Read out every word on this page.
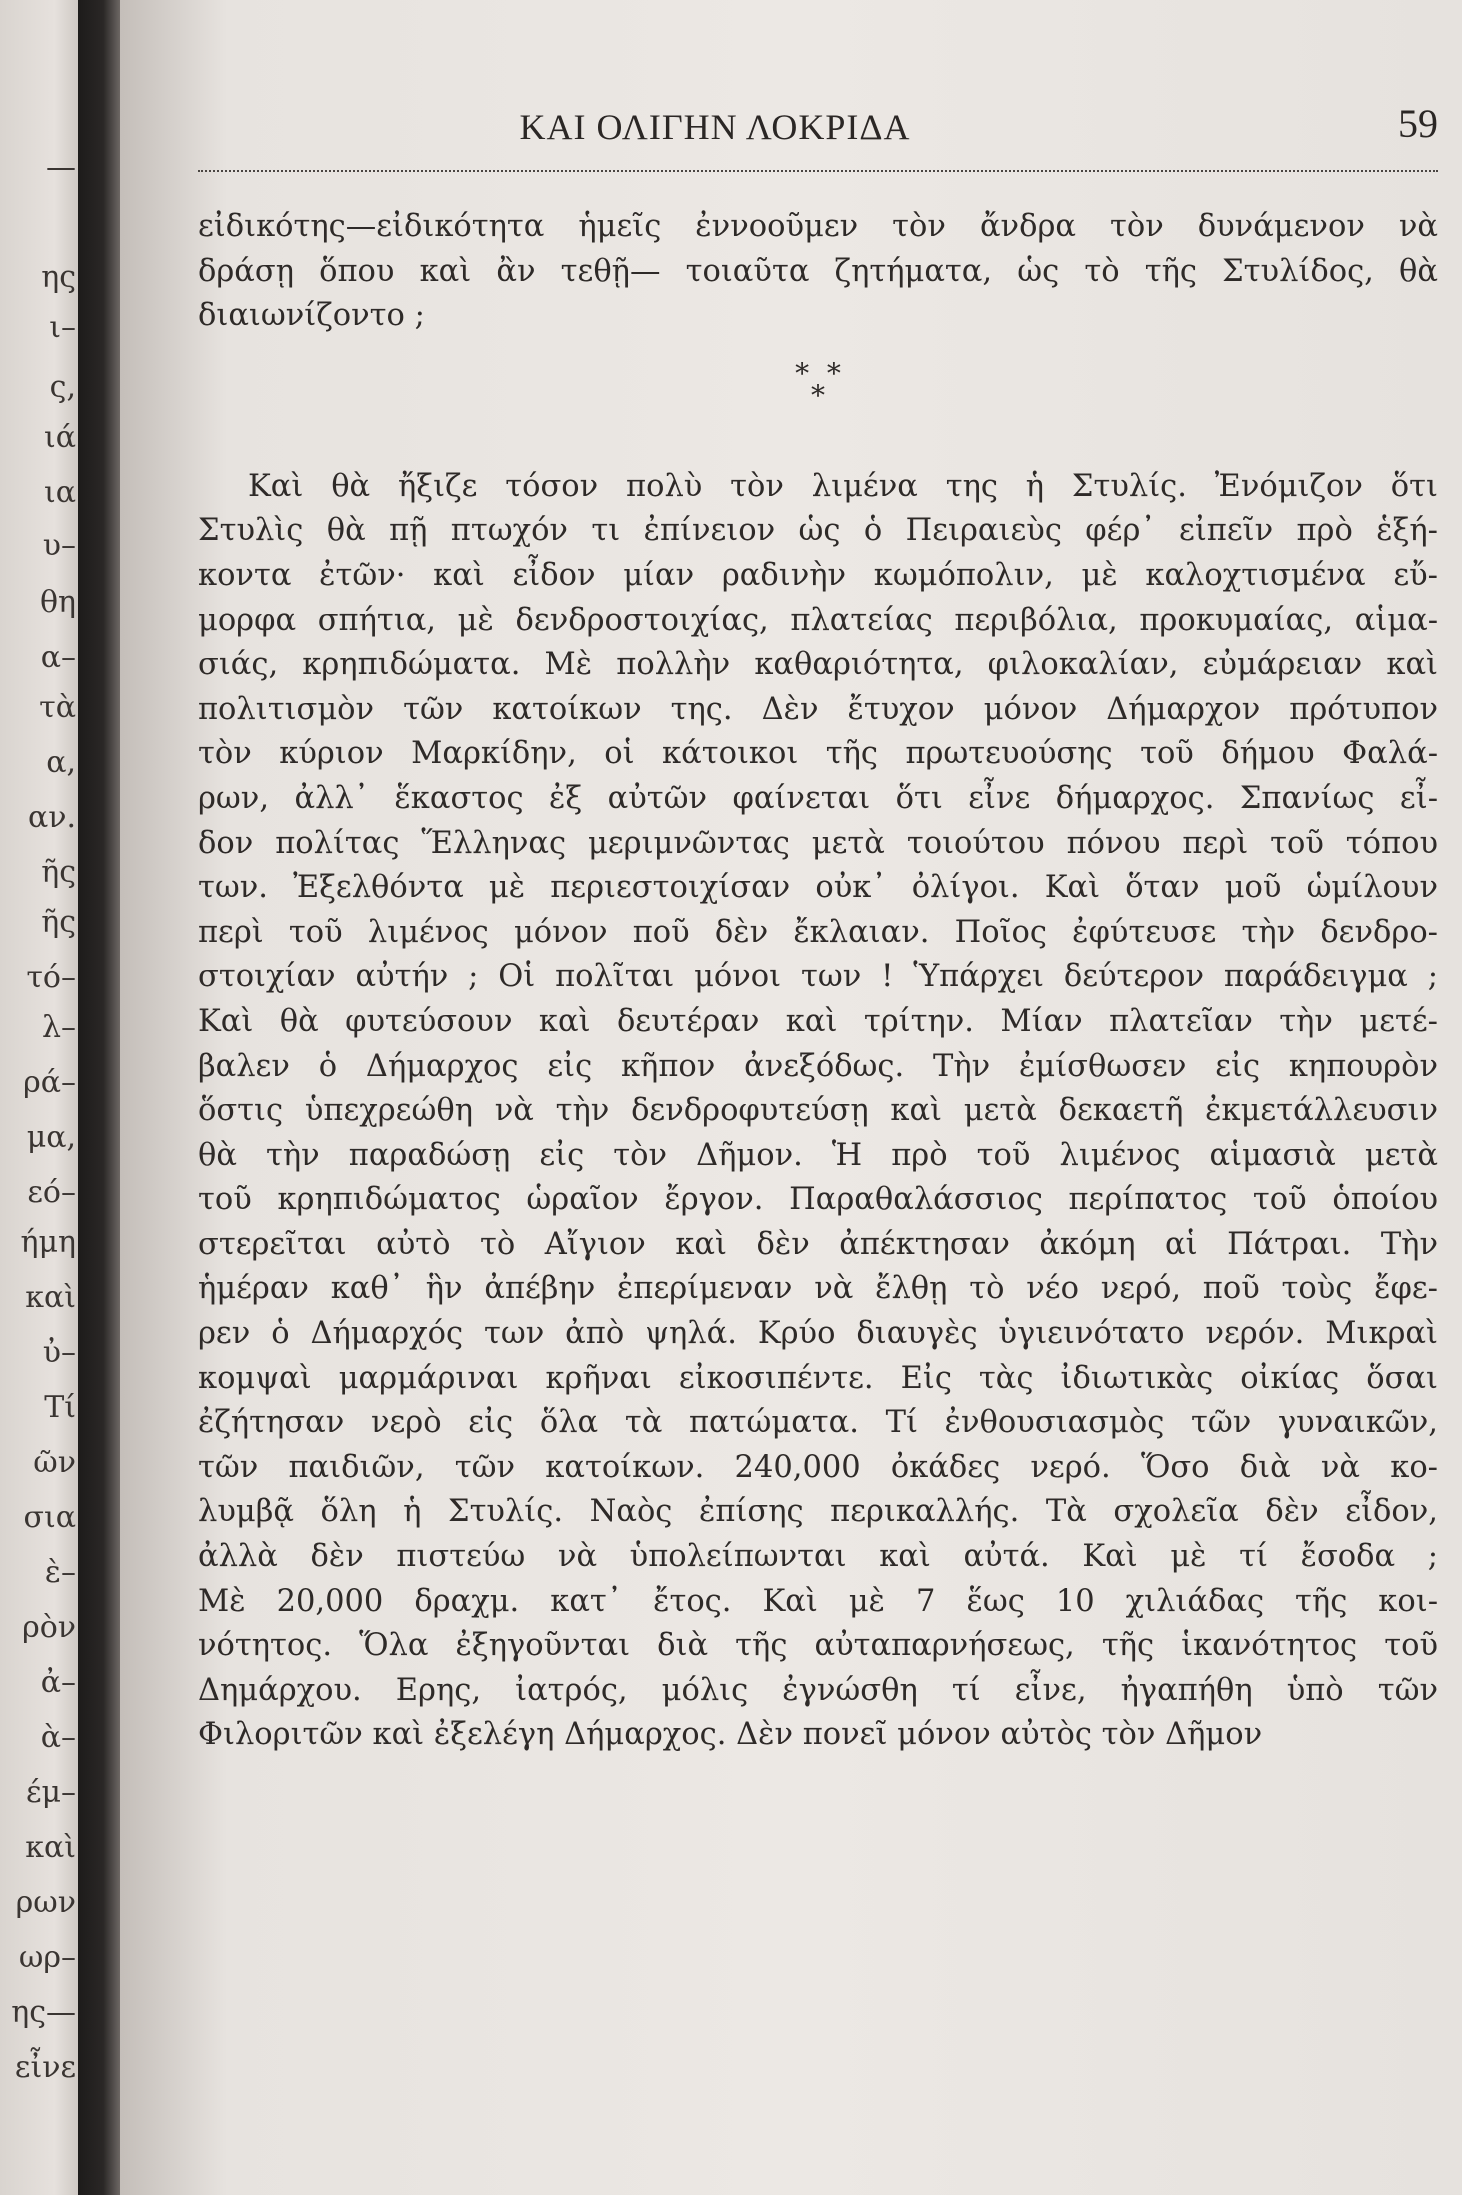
—
ης
ι–
ς,
ιά
ια
υ–
θη
α–
τὰ
α,
αν.
ῆς
ῆς
τό–
λ–
ρά–
μα,
εό–
ήμη
καὶ
ὐ–
Τί
ῶν
σια
ὲ–
ρὸν
ἀ–
ὰ–
έμ–
καὶ
ρων
ωρ–
ης—
εἶνε
ΚΑΙ ΟΛΙΓΗΝ ΛΟΚΡΙΔΑ	59
εἰδικότης—εἰδικότητα ἡμεῖς ἐννοοῦμεν τὸν ἄνδρα τὸν δυνάμενον νὰ
δράσῃ ὅπου καὶ ἂν τεθῇ— τοιαῦτα ζητήματα, ὡς τὸ τῆς Στυλίδος, θὰ
διαιωνίζοντο ;
* *
*
Καὶ θὰ ἤξιζε τόσον πολὺ τὸν λιμένα της ἡ Στυλίς. Ἐνόμιζον ὅτι
Στυλὶς θὰ πῇ πτωχόν τι ἐπίνειον ὡς ὁ Πειραιεὺς φέρ᾽ εἰπεῖν πρὸ ἑξή-
κοντα ἐτῶν· καὶ εἶδον μίαν ραδινὴν κωμόπολιν, μὲ καλοχτισμένα εὔ-
μορφα σπήτια, μὲ δενδροστοιχίας, πλατείας περιβόλια, προκυμαίας, αἱμα-
σιάς, κρηπιδώματα. Μὲ πολλὴν καθαριότητα, φιλοκαλίαν, εὐμάρειαν καὶ
πολιτισμὸν τῶν κατοίκων της. Δὲν ἔτυχον μόνον Δήμαρχον πρότυπον
τὸν κύριον Μαρκίδην, οἱ κάτοικοι τῆς πρωτευούσης τοῦ δήμου Φαλά-
ρων, ἀλλ᾽ ἕκαστος ἐξ αὐτῶν φαίνεται ὅτι εἶνε δήμαρχος. Σπανίως εἶ-
δον πολίτας Ἕλληνας μεριμνῶντας μετὰ τοιούτου πόνου περὶ τοῦ τόπου
των. Ἐξελθόντα μὲ περιεστοιχίσαν οὐκ᾽ ὀλίγοι. Καὶ ὅταν μοῦ ὡμίλουν
περὶ τοῦ λιμένος μόνον ποῦ δὲν ἔκλαιαν. Ποῖος ἐφύτευσε τὴν δενδρο-
στοιχίαν αὐτήν ; Οἱ πολῖται μόνοι των ! Ὑπάρχει δεύτερον παράδειγμα ;
Καὶ θὰ φυτεύσουν καὶ δευτέραν καὶ τρίτην. Μίαν πλατεῖαν τὴν μετέ-
βαλεν ὁ Δήμαρχος εἰς κῆπον ἀνεξόδως. Τὴν ἐμίσθωσεν εἰς κηπουρὸν
ὅστις ὑπεχρεώθη νὰ τὴν δενδροφυτεύσῃ καὶ μετὰ δεκαετῆ ἐκμετάλλευσιν
θὰ τὴν παραδώσῃ εἰς τὸν Δῆμον. Ἡ πρὸ τοῦ λιμένος αἱμασιὰ μετὰ
τοῦ κρηπιδώματος ὡραῖον ἔργον. Παραθαλάσσιος περίπατος τοῦ ὁποίου
στερεῖται αὐτὸ τὸ Αἴγιον καὶ δὲν ἀπέκτησαν ἀκόμη αἱ Πάτραι. Τὴν
ἡμέραν καθ᾽ ἣν ἀπέβην ἐπερίμεναν νὰ ἔλθῃ τὸ νέο νερό, ποῦ τοὺς ἔφε-
ρεν ὁ Δήμαρχός των ἀπὸ ψηλά. Κρύο διαυγὲς ὑγιεινότατο νερόν. Μικραὶ
κομψαὶ μαρμάριναι κρῆναι εἰκοσιπέντε. Εἰς τὰς ἰδιωτικὰς οἰκίας ὅσαι
ἐζήτησαν νερὸ εἰς ὅλα τὰ πατώματα. Τί ἐνθουσιασμὸς τῶν γυναικῶν,
τῶν παιδιῶν, τῶν κατοίκων. 240,000 ὀκάδες νερό. Ὅσο διὰ νὰ κο-
λυμβᾷ ὅλη ἡ Στυλίς. Ναὸς ἐπίσης περικαλλής. Τὰ σχολεῖα δὲν εἶδον,
ἀλλὰ δὲν πιστεύω νὰ ὑπολείπωνται καὶ αὐτά. Καὶ μὲ τί ἔσοδα ;
Μὲ 20,000 δραχμ. κατ᾽ ἔτος. Καὶ μὲ 7 ἕως 10 χιλιάδας τῆς κοι-
νότητος. Ὅλα ἐξηγοῦνται διὰ τῆς αὐταπαρνήσεως, τῆς ἱκανότητος τοῦ
Δημάρχου. Ερης, ἰατρός, μόλις ἐγνώσθη τί εἶνε, ἠγαπήθη ὑπὸ τῶν
Φιλοριτῶν καὶ ἐξελέγη Δήμαρχος. Δὲν πονεῖ μόνον αὐτὸς τὸν Δῆμον
